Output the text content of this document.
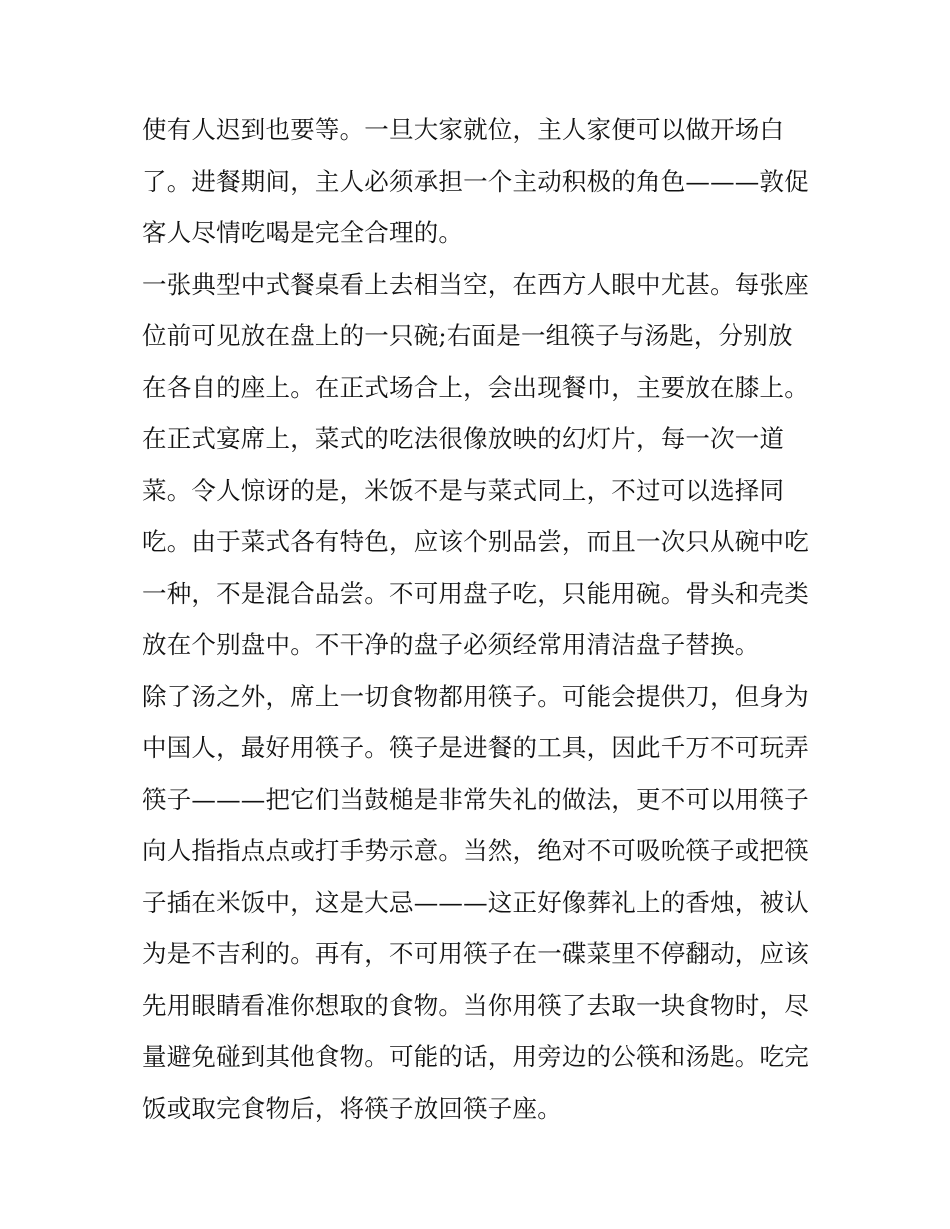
使有人迟到也要等。一旦大家就位，主人家便可以做开场白
了。进餐期间，主人必须承担一个主动积极的角色———敦促
客人尽情吃喝是完全合理的。
一张典型中式餐桌看上去相当空，在西方人眼中尤甚。每张座
位前可见放在盘上的一只碗;右面是一组筷子与汤匙，分别放
在各自的座上。在正式场合上，会出现餐巾，主要放在膝上。
在正式宴席上，菜式的吃法很像放映的幻灯片，每一次一道
菜。令人惊讶的是，米饭不是与菜式同上，不过可以选择同
吃。由于菜式各有特色，应该个别品尝，而且一次只从碗中吃
一种，不是混合品尝。不可用盘子吃，只能用碗。骨头和壳类
放在个别盘中。不干净的盘子必须经常用清洁盘子替换。
除了汤之外，席上一切食物都用筷子。可能会提供刀，但身为
中国人，最好用筷子。筷子是进餐的工具，因此千万不可玩弄
筷子———把它们当鼓槌是非常失礼的做法，更不可以用筷子
向人指指点点或打手势示意。当然，绝对不可吸吮筷子或把筷
子插在米饭中，这是大忌———这正好像葬礼上的香烛，被认
为是不吉利的。再有，不可用筷子在一碟菜里不停翻动，应该
先用眼睛看准你想取的食物。当你用筷了去取一块食物时，尽
量避免碰到其他食物。可能的话，用旁边的公筷和汤匙。吃完
饭或取完食物后，将筷子放回筷子座。
